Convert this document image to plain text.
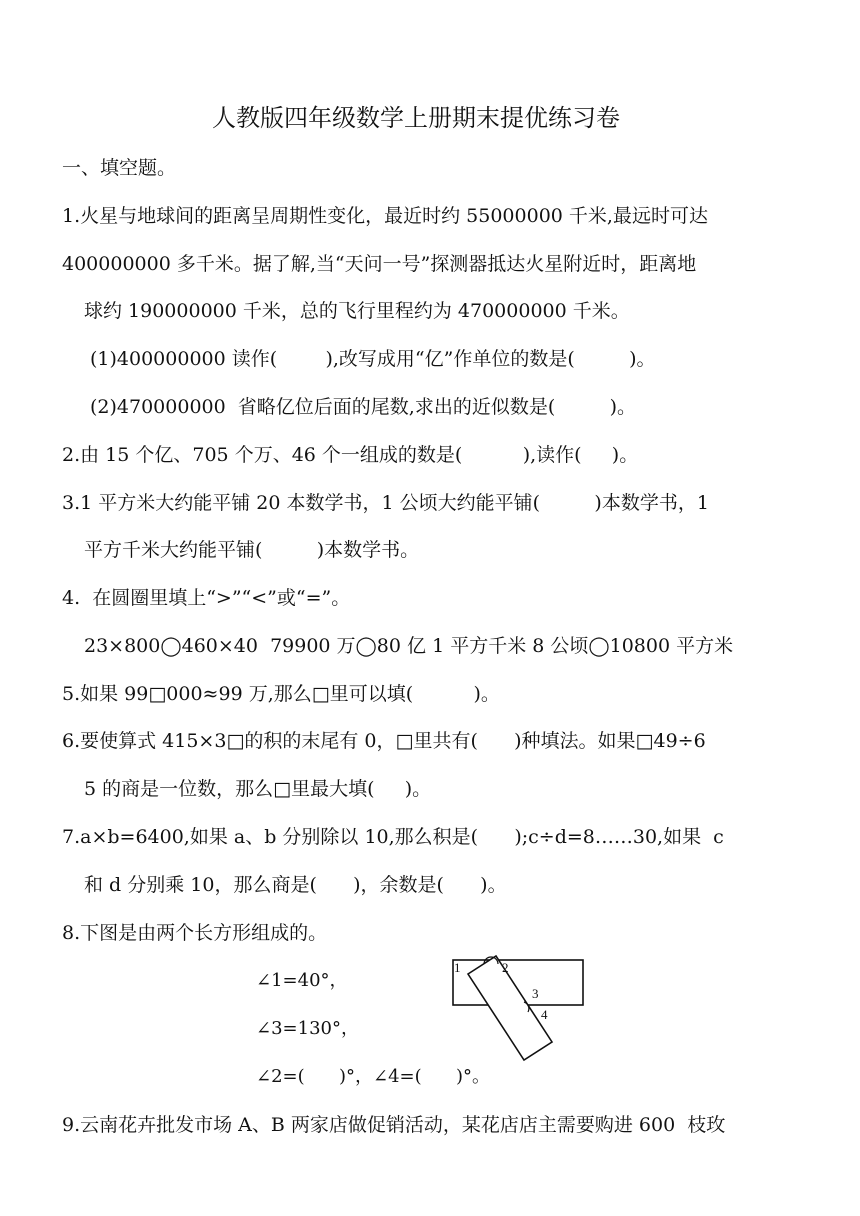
人教版四年级数学上册期末提优练习卷
一、填空题。
1.火星与地球间的距离呈周期性变化，最近时约 55000000 千米,最远时可达
400000000 多千米。据了解,当“天问一号”探测器抵达火星附近时，距离地
球约 190000000 千米，总的飞行里程约为 470000000 千米。
(1)400000000 读作(        ),改写成用“亿”作单位的数是(         )。
(2)470000000  省略亿位后面的尾数,求出的近似数是(         )。
2.由 15 个亿、705 个万、46 个一组成的数是(          ),读作(     )。
3.1 平方米大约能平铺 20 本数学书，1 公顷大约能平铺(         )本数学书，1
平方千米大约能平铺(         )本数学书。
4.  在圆圈里填上“>”“<”或“=”。
23×800◯460×40  79900 万◯80 亿 1 平方千米 8 公顷◯10800 平方米
5.如果 99□000≈99 万,那么□里可以填(          )。
6.要使算式 415×3□的积的末尾有 0，□里共有(      )种填法。如果□49÷6
5 的商是一位数，那么□里最大填(     )。
7.a×b=6400,如果 a、b 分别除以 10,那么积是(      );c÷d=8……30,如果  c
和 d 分别乘 10，那么商是(      )，余数是(      )。
8.下图是由两个长方形组成的。
∠1=40°，
∠3=130°，
∠2=(      )°，∠4=(      )°。
1	2
3
4
9.云南花卉批发市场 A、B 两家店做促销活动，某花店店主需要购进 600  枝玫
